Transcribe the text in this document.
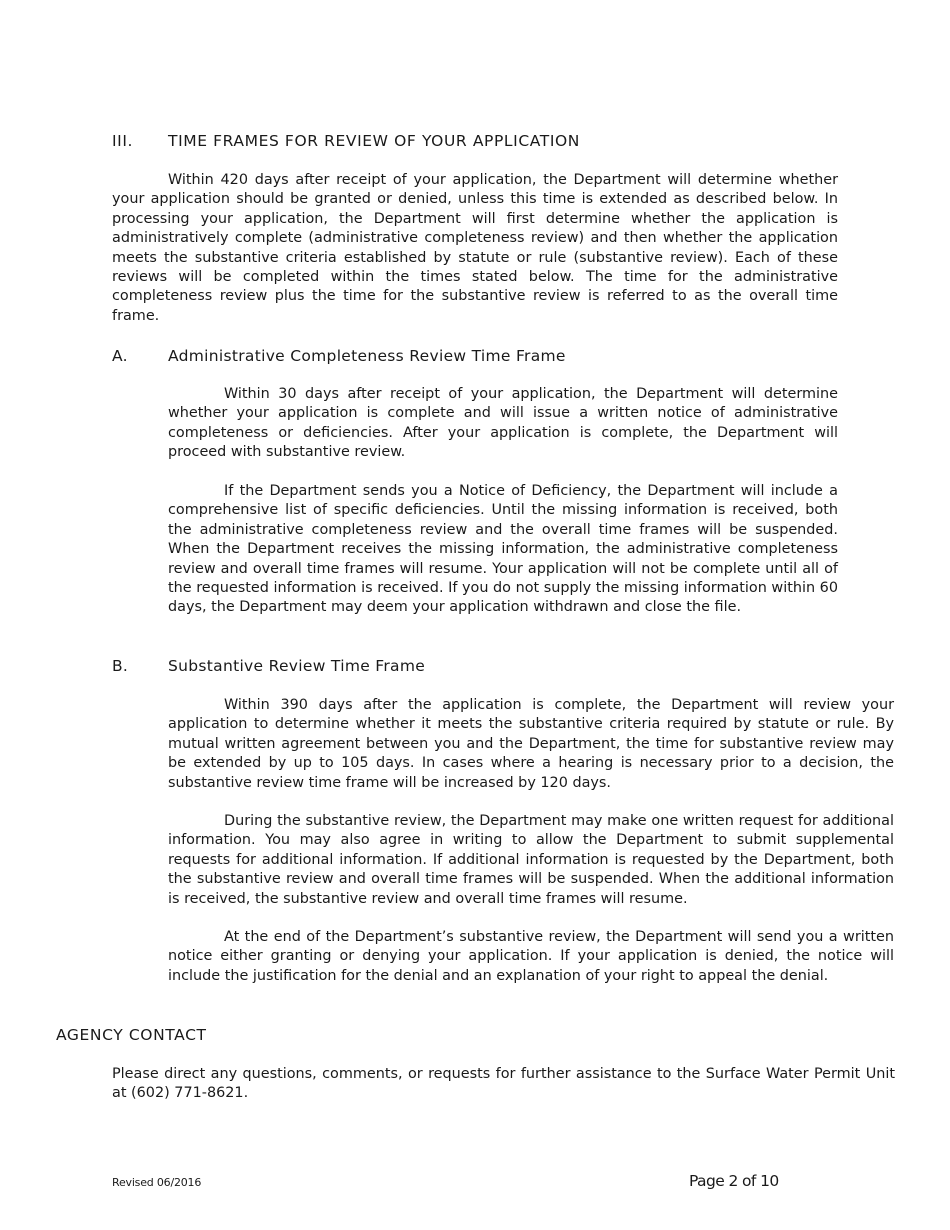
III. TIME FRAMES FOR REVIEW OF YOUR APPLICATION

Within 420 days after receipt of your application, the Department will determine whether your application should be granted or denied, unless this time is extended as described below. In processing your application, the Department will first determine whether the application is administratively complete (administrative completeness review) and then whether the application meets the substantive criteria established by statute or rule (substantive review). Each of these reviews will be completed within the times stated below. The time for the administrative completeness review plus the time for the substantive review is referred to as the overall time frame.

A.	Administrative Completeness Review Time Frame

Within 30 days after receipt of your application, the Department will determine whether your application is complete and will issue a written notice of administrative completeness or deficiencies. After your application is complete, the Department will proceed with substantive review.

If the Department sends you a Notice of Deficiency, the Department will include a comprehensive list of specific deficiencies. Until the missing information is received, both the administrative completeness review and the overall time frames will be suspended. When the Department receives the missing information, the administrative completeness review and overall time frames will resume. Your application will not be complete until all of the requested information is received. If you do not supply the missing information within 60 days, the Department may deem your application withdrawn and close the file.

B.	Substantive Review Time Frame

Within 390 days after the application is complete, the Department will review your application to determine whether it meets the substantive criteria required by statute or rule. By mutual written agreement between you and the Department, the time for substantive review may be extended by up to 105 days. In cases where a hearing is necessary prior to a decision, the substantive review time frame will be increased by 120 days.

During the substantive review, the Department may make one written request for additional information. You may also agree in writing to allow the Department to submit supplemental requests for additional information. If additional information is requested by the Department, both the substantive review and overall time frames will be suspended. When the additional information is received, the substantive review and overall time frames will resume.

At the end of the Department’s substantive review, the Department will send you a written notice either granting or denying your application. If your application is denied, the notice will include the justification for the denial and an explanation of your right to appeal the denial.

AGENCY CONTACT

Please direct any questions, comments, or requests for further assistance to the Surface Water Permit Unit at (602) 771-8621.

Revised 06/2016	Page 2 of 10
